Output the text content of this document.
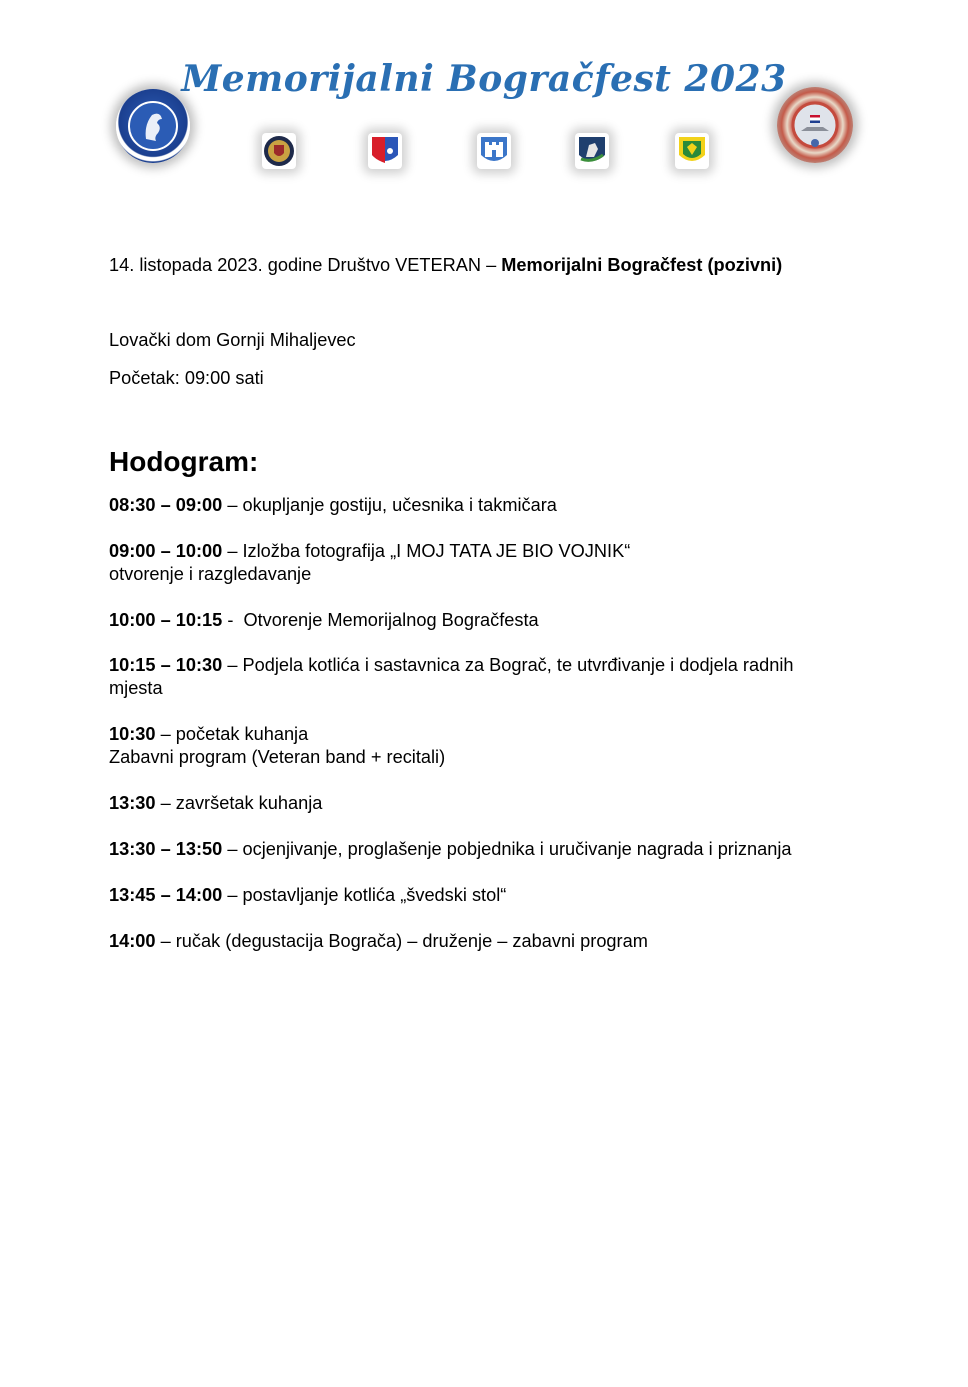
Memorijalni Bogračfest 2023
14. listopada 2023. godine Društvo VETERAN – Memorijalni Bogračfest (pozivni)
Lovački dom Gornji Mihaljevec
Početak: 09:00 sati
Hodogram:
08:30 – 09:00 – okupljanje gostiju, učesnika i takmičara
09:00 – 10:00 – Izložba fotografija „I MOJ TATA JE BIO VOJNIK“
otvorenje i razgledavanje
10:00 – 10:15 -  Otvorenje Memorijalnog Bogračfesta
10:15 – 10:30 – Podjela kotlića i sastavnica za Bograč, te utvrđivanje i dodjela radnih
mjesta
10:30 – početak kuhanja
Zabavni program (Veteran band + recitali)
13:30 – završetak kuhanja
13:30 – 13:50 – ocjenjivanje, proglašenje pobjednika i uručivanje nagrada i priznanja
13:45 – 14:00 – postavljanje kotlića „švedski stol“
14:00 – ručak (degustacija Bograča) – druženje – zabavni program
